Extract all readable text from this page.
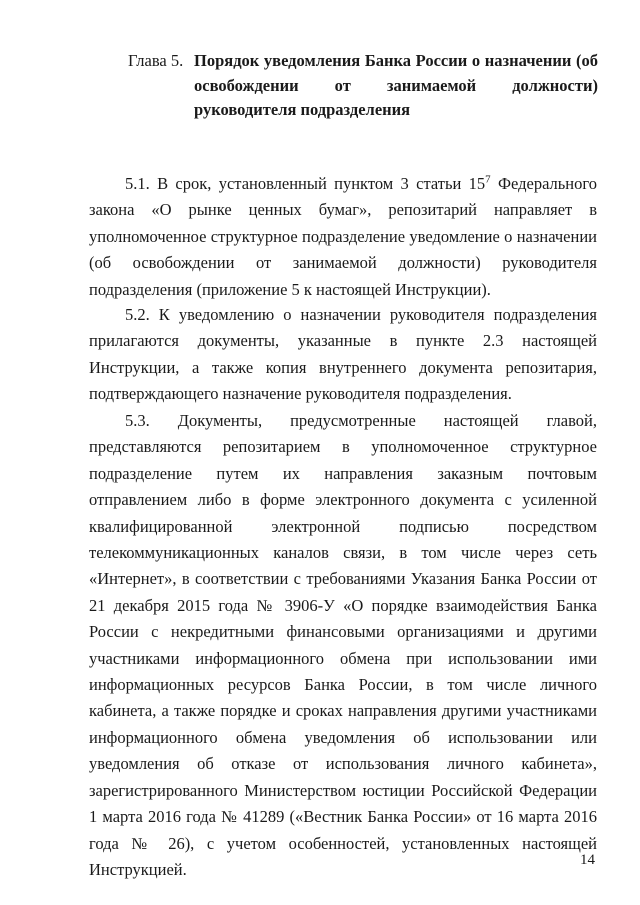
Глава 5. Порядок уведомления Банка России о назначении (об освобождении от занимаемой должности) руководителя подразделения

5.1. В срок, установленный пунктом 3 статьи $15^7$ Федерального закона «О рынке ценных бумаг», репозитарий направляет в уполномоченное структурное подразделение уведомление о назначении (об освобождении от занимаемой должности) руководителя подразделения (приложение 5 к настоящей Инструкции).

5.2. К уведомлению о назначении руководителя подразделения прилагаются документы, указанные в пункте 2.3 настоящей Инструкции, а также копия внутреннего документа репозитария, подтверждающего назначение руководителя подразделения.

5.3. Документы, предусмотренные настоящей главой, представляются репозитарием в уполномоченное структурное подразделение путем их направления заказным почтовым отправлением либо в форме электронного документа с усиленной квалифицированной электронной подписью посредством телекоммуникационных каналов связи, в том числе через сеть «Интернет», в соответствии с требованиями Указания Банка России от 21 декабря 2015 года № 3906-У «О порядке взаимодействия Банка России с некредитными финансовыми организациями и другими участниками информационного обмена при использовании ими информационных ресурсов Банка России, в том числе личного кабинета, а также порядке и сроках направления другими участниками информационного обмена уведомления об использовании или уведомления об отказе от использования личного кабинета», зарегистрированного Министерством юстиции Российской Федерации 1 марта 2016 года № 41289 («Вестник Банка России» от 16 марта 2016 года № 26), с учетом особенностей, установленных настоящей Инструкцией.	14
